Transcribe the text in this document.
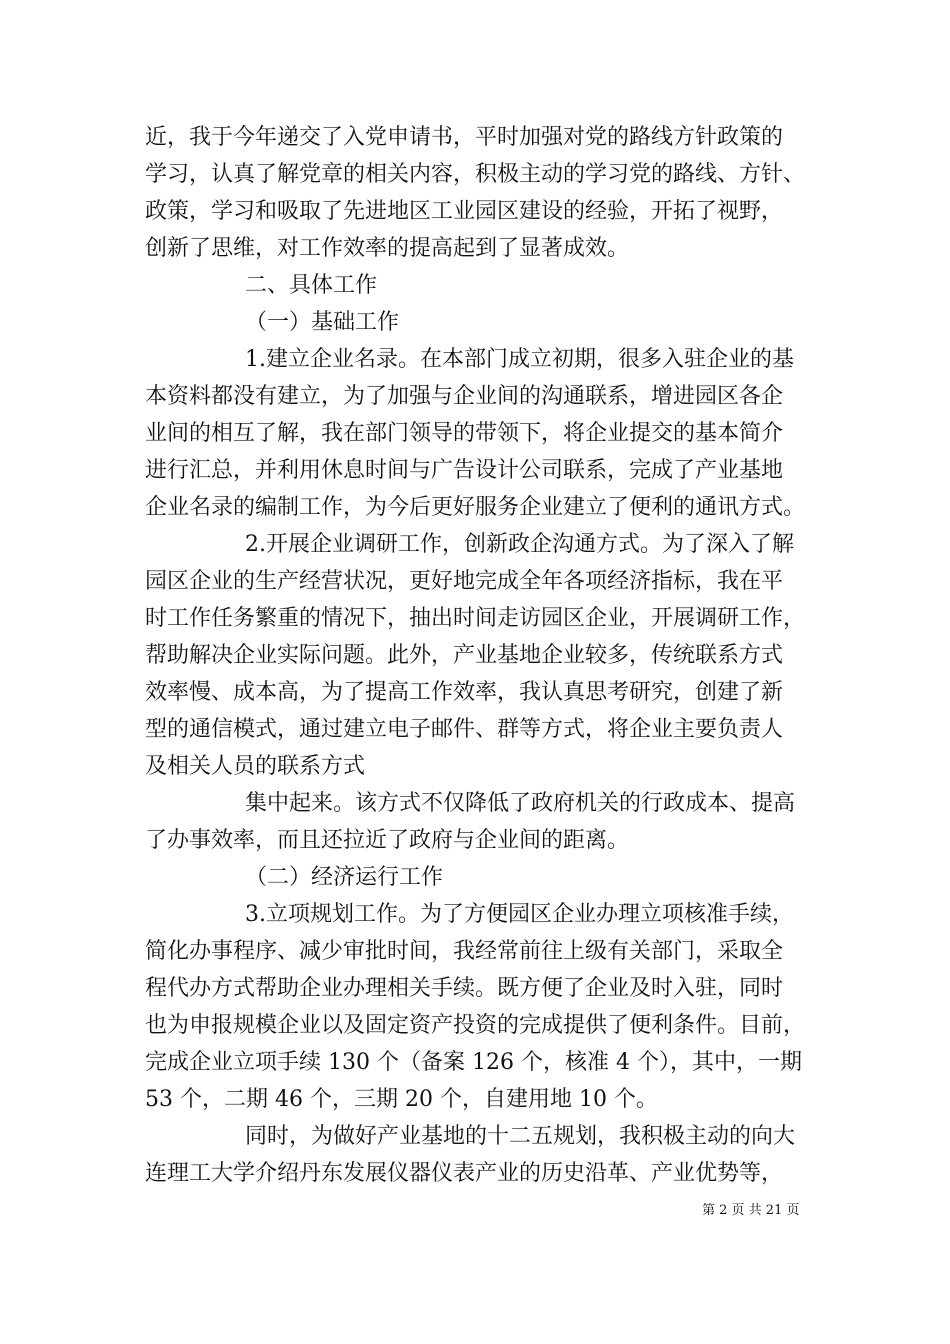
近，我于今年递交了入党申请书，平时加强对党的路线方针政策的
学习，认真了解党章的相关内容，积极主动的学习党的路线、方针、
政策，学习和吸取了先进地区工业园区建设的经验，开拓了视野，
创新了思维，对工作效率的提高起到了显著成效。
二、具体工作
（一）基础工作
1.建立企业名录。在本部门成立初期，很多入驻企业的基
本资料都没有建立，为了加强与企业间的沟通联系，增进园区各企
业间的相互了解，我在部门领导的带领下，将企业提交的基本简介
进行汇总，并利用休息时间与广告设计公司联系，完成了产业基地
企业名录的编制工作，为今后更好服务企业建立了便利的通讯方式。
2.开展企业调研工作，创新政企沟通方式。为了深入了解
园区企业的生产经营状况，更好地完成全年各项经济指标，我在平
时工作任务繁重的情况下，抽出时间走访园区企业，开展调研工作，
帮助解决企业实际问题。此外，产业基地企业较多，传统联系方式
效率慢、成本高，为了提高工作效率，我认真思考研究，创建了新
型的通信模式，通过建立电子邮件、群等方式，将企业主要负责人
及相关人员的联系方式
集中起来。该方式不仅降低了政府机关的行政成本、提高
了办事效率，而且还拉近了政府与企业间的距离。
（二）经济运行工作
3.立项规划工作。为了方便园区企业办理立项核准手续，
简化办事程序、减少审批时间，我经常前往上级有关部门，采取全
程代办方式帮助企业办理相关手续。既方便了企业及时入驻，同时
也为申报规模企业以及固定资产投资的完成提供了便利条件。目前，
完成企业立项手续 130 个（备案 126 个，核准 4 个），其中，一期
53 个，二期 46 个，三期 20 个，自建用地 10 个。
同时，为做好产业基地的十二五规划，我积极主动的向大
连理工大学介绍丹东发展仪器仪表产业的历史沿革、产业优势等，
第 2 页 共 21 页
